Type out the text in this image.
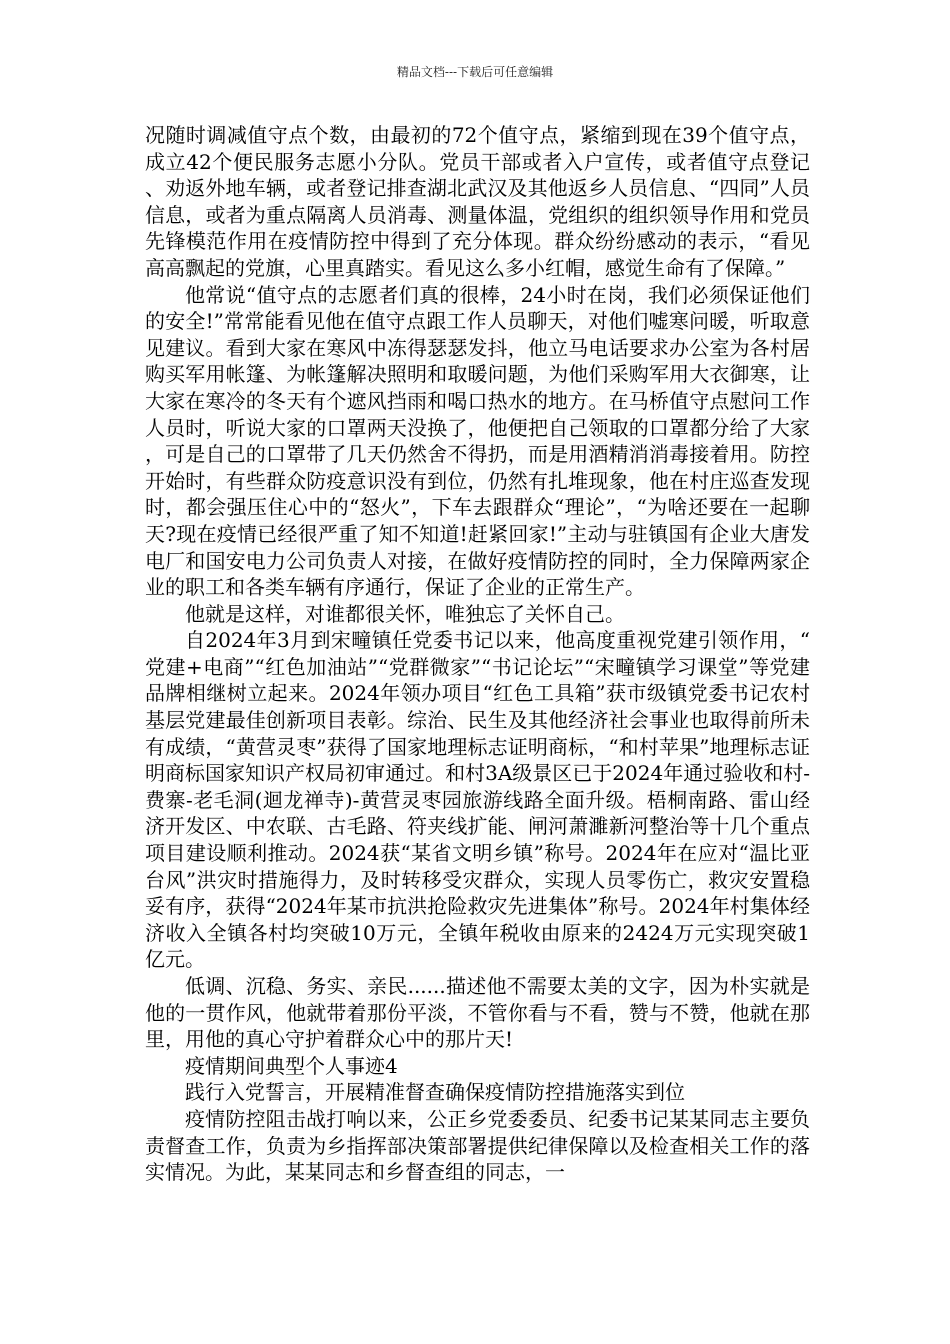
精品文档---下载后可任意编辑

况随时调减值守点个数，由最初的72个值守点，紧缩到现在39个值守点，成立42个便民服务志愿小分队。党员干部或者入户宣传，或者值守点登记、劝返外地车辆，或者登记排查湖北武汉及其他返乡人员信息、“四同”人员信息，或者为重点隔离人员消毒、测量体温，党组织的组织领导作用和党员先锋模范作用在疫情防控中得到了充分体现。群众纷纷感动的表示，“看见高高飘起的党旗，心里真踏实。看见这么多小红帽，感觉生命有了保障。”

他常说“值守点的志愿者们真的很棒，24小时在岗，我们必须保证他们的安全!”常常能看见他在值守点跟工作人员聊天，对他们嘘寒问暖，听取意见建议。看到大家在寒风中冻得瑟瑟发抖，他立马电话要求办公室为各村居购买军用帐篷、为帐篷解决照明和取暖问题，为他们采购军用大衣御寒，让大家在寒冷的冬天有个遮风挡雨和喝口热水的地方。在马桥值守点慰问工作人员时，听说大家的口罩两天没换了，他便把自己领取的口罩都分给了大家，可是自己的口罩带了几天仍然舍不得扔，而是用酒精消消毒接着用。防控开始时，有些群众防疫意识没有到位，仍然有扎堆现象，他在村庄巡查发现时，都会强压住心中的“怒火”，下车去跟群众“理论”，“为啥还要在一起聊天?现在疫情已经很严重了知不知道!赶紧回家!”主动与驻镇国有企业大唐发电厂和国安电力公司负责人对接，在做好疫情防控的同时，全力保障两家企业的职工和各类车辆有序通行，保证了企业的正常生产。

他就是这样，对谁都很关怀，唯独忘了关怀自己。

自2024年3月到宋疃镇任党委书记以来，他高度重视党建引领作用，“党建+电商”“红色加油站”“党群微家”“书记论坛”“宋疃镇学习课堂”等党建品牌相继树立起来。2024年领办项目“红色工具箱”获市级镇党委书记农村基层党建最佳创新项目表彰。综治、民生及其他经济社会事业也取得前所未有成绩，“黄营灵枣”获得了国家地理标志证明商标，“和村苹果”地理标志证明商标国家知识产权局初审通过。和村3A级景区已于2024年通过验收和村-费寨-老毛洞(迴龙禅寺)-黄营灵枣园旅游线路全面升级。梧桐南路、雷山经济开发区、中农联、古毛路、符夹线扩能、闸河萧濉新河整治等十几个重点项目建设顺利推动。2024获“某省文明乡镇”称号。2024年在应对“温比亚台风”洪灾时措施得力，及时转移受灾群众，实现人员零伤亡，救灾安置稳妥有序，获得“2024年某市抗洪抢险救灾先进集体”称号。2024年村集体经济收入全镇各村均突破10万元，全镇年税收由原来的2424万元实现突破1亿元。

低调、沉稳、务实、亲民......描述他不需要太美的文字，因为朴实就是他的一贯作风，他就带着那份平淡，不管你看与不看，赞与不赞，他就在那里，用他的真心守护着群众心中的那片天!

疫情期间典型个人事迹4

践行入党誓言，开展精准督查确保疫情防控措施落实到位

疫情防控阻击战打响以来，公正乡党委委员、纪委书记某某同志主要负责督查工作，负责为乡指挥部决策部署提供纪律保障以及检查相关工作的落实情况。为此，某某同志和乡督查组的同志，一
